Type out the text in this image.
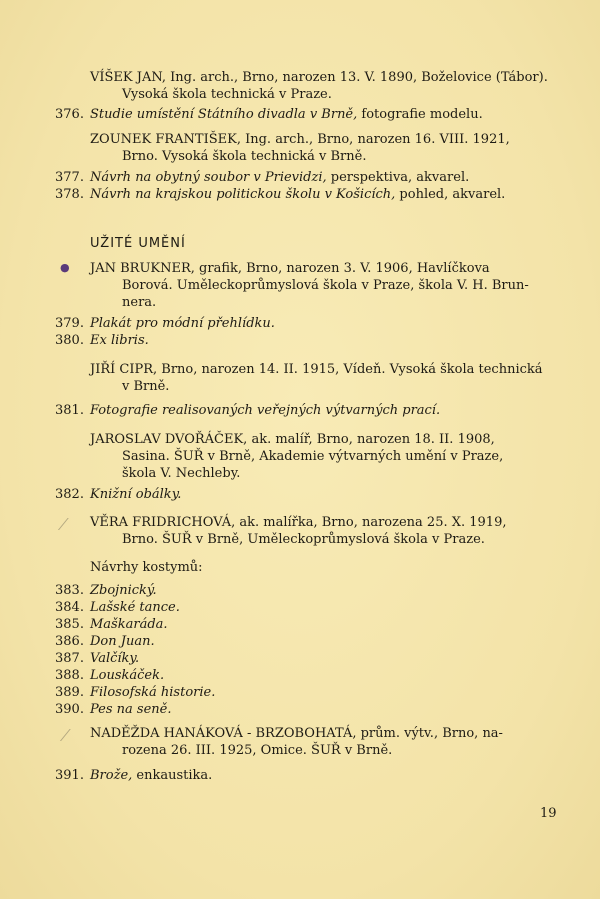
VÍŠEK JAN, Ing. arch., Brno, narozen 13. V. 1890, Boželovice (Tábor).
Vysoká škola technická v Praze.
376. Studie umístění Státního divadla v Brně, fotografie modelu.
ZOUNEK FRANTIŠEK, Ing. arch., Brno, narozen 16. VIII. 1921,
Brno. Vysoká škola technická v Brně.
377. Návrh na obytný soubor v Prievidzi, perspektiva, akvarel.
378. Návrh na krajskou politickou školu v Košicích, pohled, akvarel.
UŽITÉ UMĚNÍ
● JAN BRUKNER, grafik, Brno, narozen 3. V. 1906, Havlíčkova
Borová. Uměleckoprůmyslová škola v Praze, škola V. H. Brun-
nera.
379. Plakát pro módní přehlídku.
380. Ex libris.
JIŘÍ CIPR, Brno, narozen 14. II. 1915, Vídeň. Vysoká škola technická
v Brně.
381. Fotografie realisovaných veřejných výtvarných prací.
JAROSLAV DVOŘÁČEK, ak. malíř, Brno, narozen 18. II. 1908,
Sasina. ŠUŘ v Brně, Akademie výtvarných umění v Praze,
škola V. Nechleby.
382. Knižní obálky.
⁄ VĚRA FRIDRICHOVÁ, ak. malířka, Brno, narozena 25. X. 1919,
Brno. ŠUŘ v Brně, Uměleckoprůmyslová škola v Praze.
Návrhy kostymů:
383. Zbojnický.
384. Lašské tance.
385. Maškaráda.
386. Don Juan.
387. Valčíky.
388. Louskáček.
389. Filosofská historie.
390. Pes na seně.
⁄ NADĚŽDA HANÁKOVÁ - BRZOBOHATÁ, prům. výtv., Brno, na-
rozena 26. III. 1925, Omice. ŠUŘ v Brně.
391. Brože, enkaustika.
19
